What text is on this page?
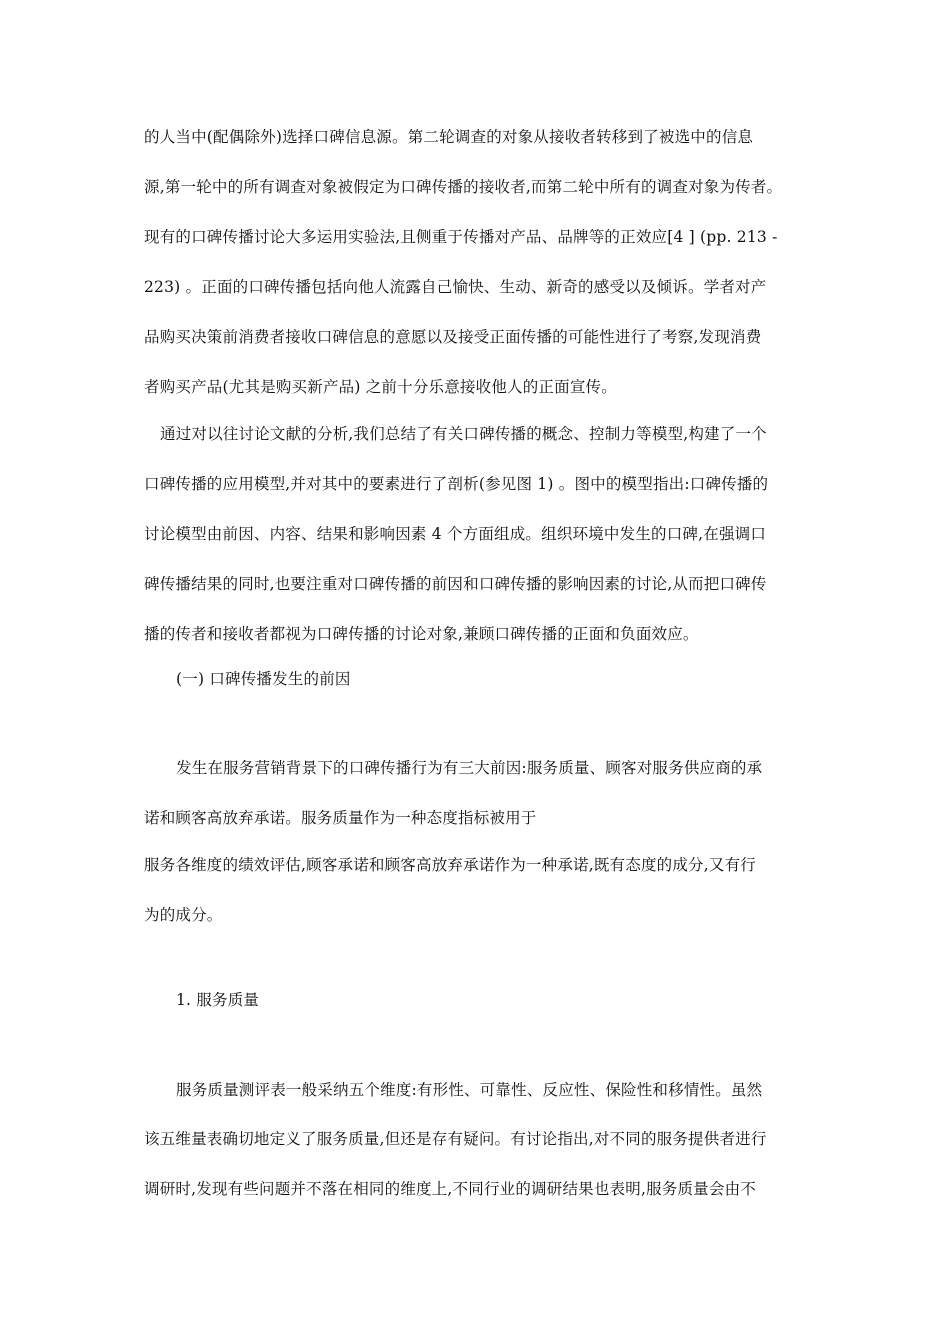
的人当中(配偶除外)选择口碑信息源。第二轮调查的对象从接收者转移到了被选中的信息
源,第一轮中的所有调查对象被假定为口碑传播的接收者,而第二轮中所有的调查对象为传者。
现有的口碑传播讨论大多运用实验法,且侧重于传播对产品、品牌等的正效应[4 ] (pp. 213 -
223) 。正面的口碑传播包括向他人流露自己愉快、生动、新奇的感受以及倾诉。学者对产
品购买决策前消费者接收口碑信息的意愿以及接受正面传播的可能性进行了考察,发现消费
者购买产品(尤其是购买新产品) 之前十分乐意接收他人的正面宣传。
通过对以往讨论文献的分析,我们总结了有关口碑传播的概念、控制力等模型,构建了一个
口碑传播的应用模型,并对其中的要素进行了剖析(参见图 1) 。图中的模型指出:口碑传播的
讨论模型由前因、内容、结果和影响因素 4 个方面组成。组织环境中发生的口碑,在强调口
碑传播结果的同时,也要注重对口碑传播的前因和口碑传播的影响因素的讨论,从而把口碑传
播的传者和接收者都视为口碑传播的讨论对象,兼顾口碑传播的正面和负面效应。
(一) 口碑传播发生的前因
发生在服务营销背景下的口碑传播行为有三大前因:服务质量、顾客对服务供应商的承
诺和顾客高放弃承诺。服务质量作为一种态度指标被用于
服务各维度的绩效评估,顾客承诺和顾客高放弃承诺作为一种承诺,既有态度的成分,又有行
为的成分。
1. 服务质量
服务质量测评表一般采纳五个维度:有形性、可靠性、反应性、保险性和移情性。虽然
该五维量表确切地定义了服务质量,但还是存有疑问。有讨论指出,对不同的服务提供者进行
调研时,发现有些问题并不落在相同的维度上,不同行业的调研结果也表明,服务质量会由不
